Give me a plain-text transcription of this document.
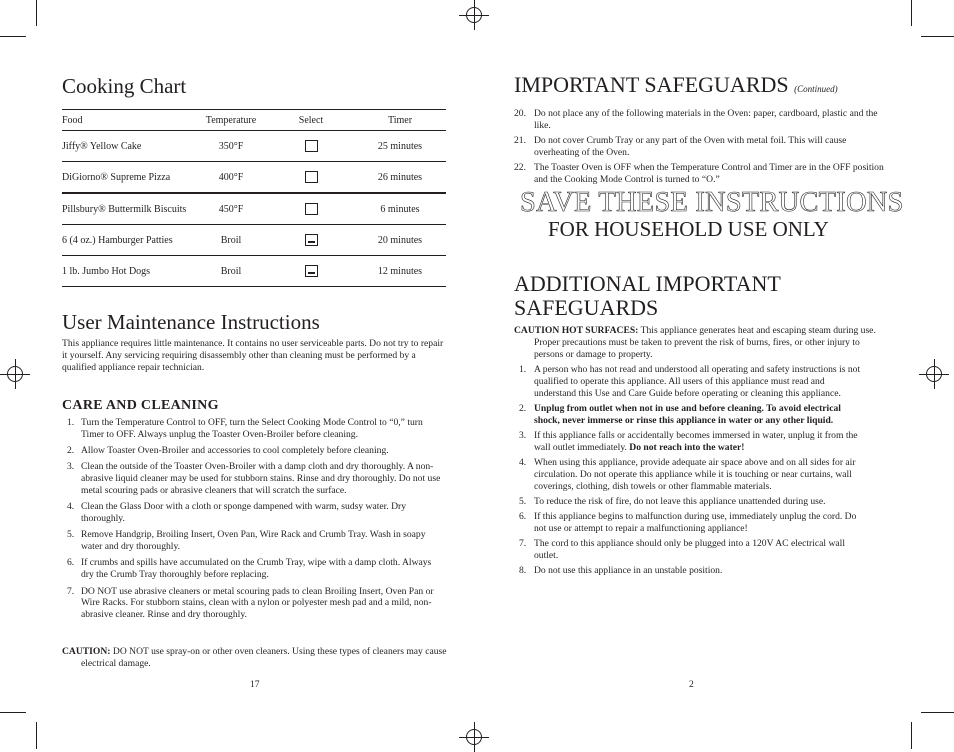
Cooking Chart
Food	Temperature	Select	Timer
Jiffy® Yellow Cake	350°F		25 minutes
DiGiorno® Supreme Pizza	400°F		26 minutes
Pillsbury® Buttermilk Biscuits	450°F		6 minutes
6 (4 oz.) Hamburger Patties	Broil		20 minutes
1 lb. Jumbo Hot Dogs	Broil		12 minutes
User Maintenance Instructions

This appliance requires little maintenance. It contains no user serviceable parts. Do not try to repair it yourself. Any servicing requiring disassembly other than cleaning must be performed by a qualified appliance repair technician.

CARE AND CLEANING
1. Turn the Temperature Control to OFF, turn the Select Cooking Mode Control to “0,” turn Timer to OFF. Always unplug the Toaster Oven-Broiler before cleaning.
2. Allow Toaster Oven-Broiler and accessories to cool completely before cleaning.
3. Clean the outside of the Toaster Oven-Broiler with a damp cloth and dry thoroughly. A non-abrasive liquid cleaner may be used for stubborn stains. Rinse and dry thoroughly. Do not use metal scouring pads or abrasive cleaners that will scratch the surface.
4. Clean the Glass Door with a cloth or sponge dampened with warm, sudsy water. Dry thoroughly.
5. Remove Handgrip, Broiling Insert, Oven Pan, Wire Rack and Crumb Tray. Wash in soapy water and dry thoroughly.
6. If crumbs and spills have accumulated on the Crumb Tray, wipe with a damp cloth. Always dry the Crumb Tray thoroughly before replacing.
7. DO NOT use abrasive cleaners or metal scouring pads to clean Broiling Insert, Oven Pan or Wire Racks. For stubborn stains, clean with a nylon or polyester mesh pad and a mild, non-abrasive cleaner. Rinse and dry thoroughly.
CAUTION: DO NOT use spray-on or other oven cleaners. Using these types of cleaners may cause electrical damage.
17
IMPORTANT SAFEGUARDS (Continued)
20. Do not place any of the following materials in the Oven: paper, cardboard, plastic and the like.
21. Do not cover Crumb Tray or any part of the Oven with metal foil. This will cause overheating of the Oven.
22. The Toaster Oven is OFF when the Temperature Control and Timer are in the OFF position and the Cooking Mode Control is turned to “O.”
SAVE THESE INSTRUCTIONS
FOR HOUSEHOLD USE ONLY
ADDITIONAL IMPORTANT
SAFEGUARDS
CAUTION HOT SURFACES: This appliance generates heat and escaping steam during use. Proper precautions must be taken to prevent the risk of burns, fires, or other injury to persons or damage to property.
1. A person who has not read and understood all operating and safety instructions is not qualified to operate this appliance. All users of this appliance must read and understand this Use and Care Guide before operating or cleaning this appliance.
2. Unplug from outlet when not in use and before cleaning. To avoid electrical shock, never immerse or rinse this appliance in water or any other liquid.
3. If this appliance falls or accidentally becomes immersed in water, unplug it from the wall outlet immediately. Do not reach into the water!
4. When using this appliance, provide adequate air space above and on all sides for air circulation. Do not operate this appliance while it is touching or near curtains, wall coverings, clothing, dish towels or other flammable materials.
5. To reduce the risk of fire, do not leave this appliance unattended during use.
6. If this appliance begins to malfunction during use, immediately unplug the cord. Do not use or attempt to repair a malfunctioning appliance!
7. The cord to this appliance should only be plugged into a 120V AC electrical wall outlet.
8. Do not use this appliance in an unstable position.
2
